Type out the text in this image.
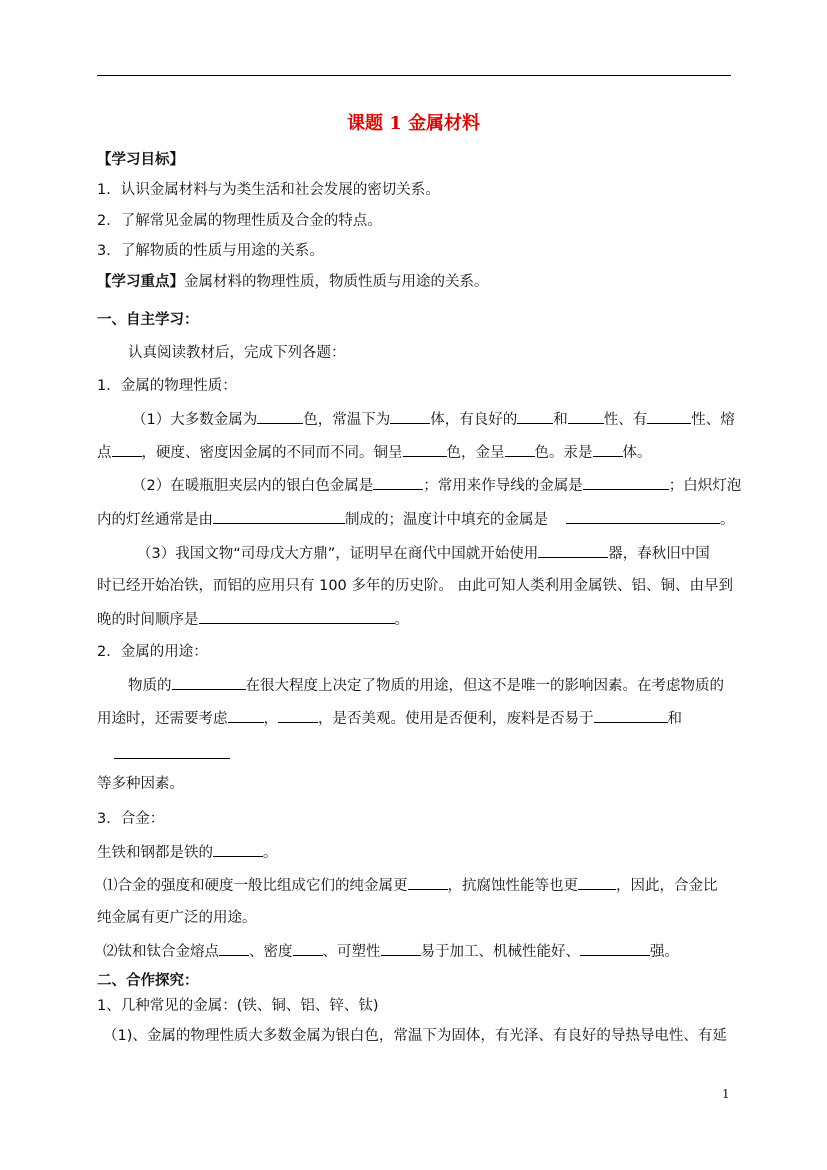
课题 1 金属材料
【学习目标】
1．认识金属材料与为类生活和社会发展的密切关系。
2．了解常见金属的物理性质及合金的特点。
3．了解物质的性质与用途的关系。
【学习重点】金属材料的物理性质，物质性质与用途的关系。
一、自主学习：
认真阅读教材后，完成下列各题：
1．金属的物理性质：
（1）大多数金属为	色，常温下为	体，有良好的 和 性、有	性、熔
点 ，硬度、密度因金属的不同而不同。铜呈	色，金呈 色。汞是 体。
（2）在暖瓶胆夹层内的银白色金属是	；常用来作导线的金属是	；白炽灯泡
内的灯丝通常是由	制成的；温度计中填充的金属是	。
（3）我国文物“司母戊大方鼎”，证明早在商代中国就开始使用	器，春秋旧中国
时已经开始冶铁，而铝的应用只有 100 多年的历史阶。 由此可知人类利用金属铁、铝、铜、由早到
晚的时间顺序是	。
2．金属的用途：
物质的	在很大程度上决定了物质的用途，但这不是唯一的影响因素。在考虑物质的
用途时，还需要考虑 ，	，是否美观。使用是否便利，废料是否易于	和
等多种因素。
3．合金：
生铁和钢都是铁的	。
⑴合金的强度和硬度一般比组成它们的纯金属更	，抗腐蚀性能等也更	，因此，合金比
纯金属有更广泛的用途。
⑵钛和钛合金熔点 、密度 、可塑性	易于加工、机械性能好、	强。
二、合作探究：
1、几种常见的金属：(铁、铜、铝、锌、钛)
（1)、金属的物理性质大多数金属为银白色，常温下为固体，有光泽、有良好的导热导电性、有延
1
